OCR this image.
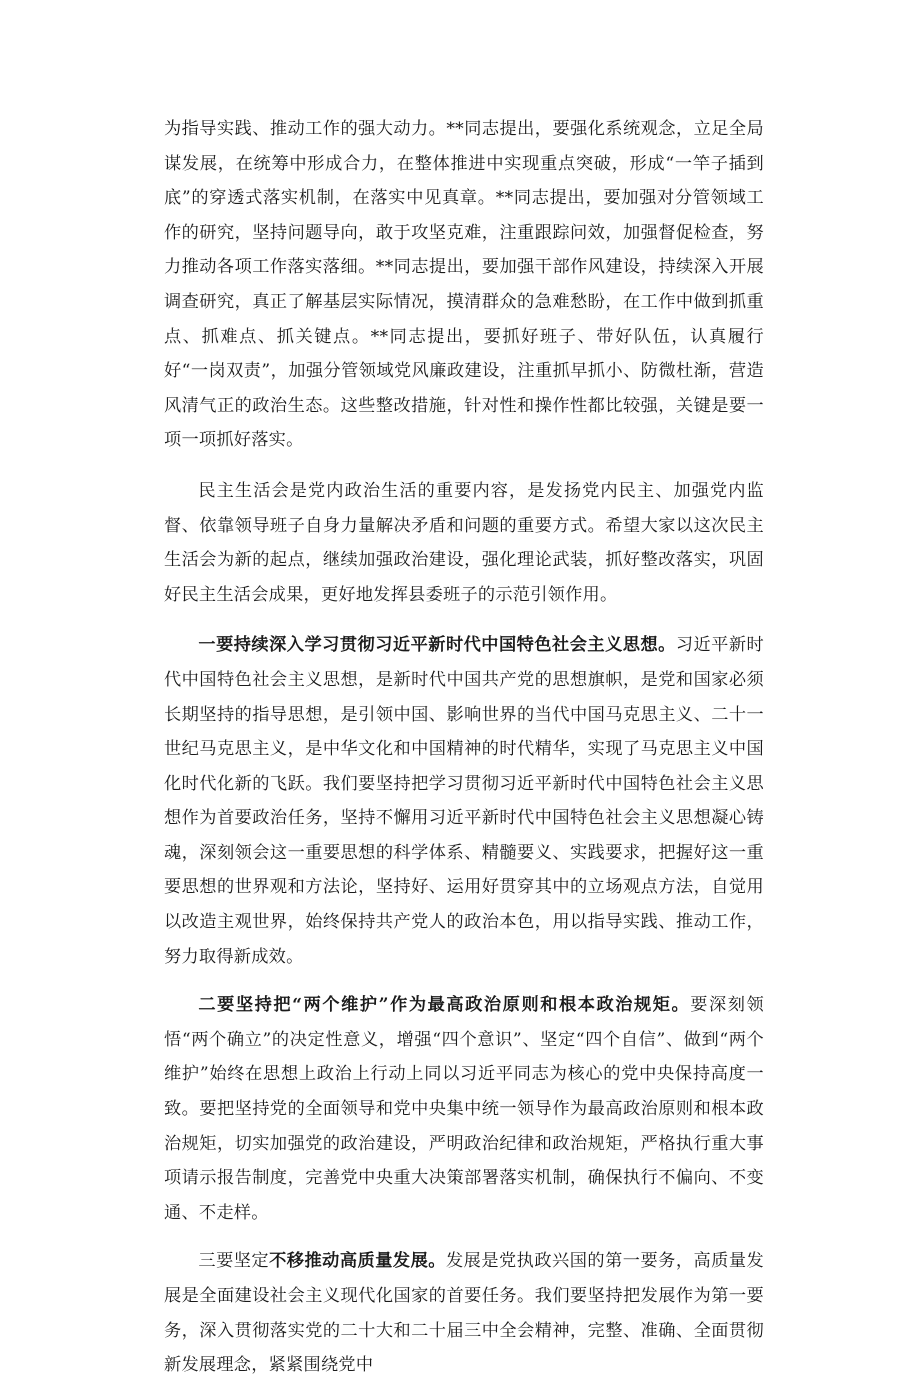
为指导实践、推动工作的强大动力。**同志提出，要强化系统观念，立足全局谋发展，在统筹中形成合力，在整体推进中实现重点突破，形成“一竿子插到底”的穿透式落实机制，在落实中见真章。**同志提出，要加强对分管领域工作的研究，坚持问题导向，敢于攻坚克难，注重跟踪问效，加强督促检查，努力推动各项工作落实落细。**同志提出，要加强干部作风建设，持续深入开展调查研究，真正了解基层实际情况，摸清群众的急难愁盼，在工作中做到抓重点、抓难点、抓关键点。**同志提出，要抓好班子、带好队伍，认真履行好“一岗双责”，加强分管领域党风廉政建设，注重抓早抓小、防微杜渐，营造风清气正的政治生态。这些整改措施，针对性和操作性都比较强，关键是要一项一项抓好落实。

民主生活会是党内政治生活的重要内容，是发扬党内民主、加强党内监督、依靠领导班子自身力量解决矛盾和问题的重要方式。希望大家以这次民主生活会为新的起点，继续加强政治建设，强化理论武装，抓好整改落实，巩固好民主生活会成果，更好地发挥县委班子的示范引领作用。

一要持续深入学习贯彻习近平新时代中国特色社会主义思想。习近平新时代中国特色社会主义思想，是新时代中国共产党的思想旗帜，是党和国家必须长期坚持的指导思想，是引领中国、影响世界的当代中国马克思主义、二十一世纪马克思主义，是中华文化和中国精神的时代精华，实现了马克思主义中国化时代化新的飞跃。我们要坚持把学习贯彻习近平新时代中国特色社会主义思想作为首要政治任务，坚持不懈用习近平新时代中国特色社会主义思想凝心铸魂，深刻领会这一重要思想的科学体系、精髓要义、实践要求，把握好这一重要思想的世界观和方法论，坚持好、运用好贯穿其中的立场观点方法，自觉用以改造主观世界，始终保持共产党人的政治本色，用以指导实践、推动工作，努力取得新成效。

二要坚持把“两个维护”作为最高政治原则和根本政治规矩。要深刻领悟“两个确立”的决定性意义，增强“四个意识”、坚定“四个自信”、做到“两个维护”始终在思想上政治上行动上同以习近平同志为核心的党中央保持高度一致。要把坚持党的全面领导和党中央集中统一领导作为最高政治原则和根本政治规矩，切实加强党的政治建设，严明政治纪律和政治规矩，严格执行重大事项请示报告制度，完善党中央重大决策部署落实机制，确保执行不偏向、不变通、不走样。

三要坚定不移推动高质量发展。发展是党执政兴国的第一要务，高质量发展是全面建设社会主义现代化国家的首要任务。我们要坚持把发展作为第一要务，深入贯彻落实党的二十大和二十届三中全会精神，完整、准确、全面贯彻新发展理念，紧紧围绕党中
